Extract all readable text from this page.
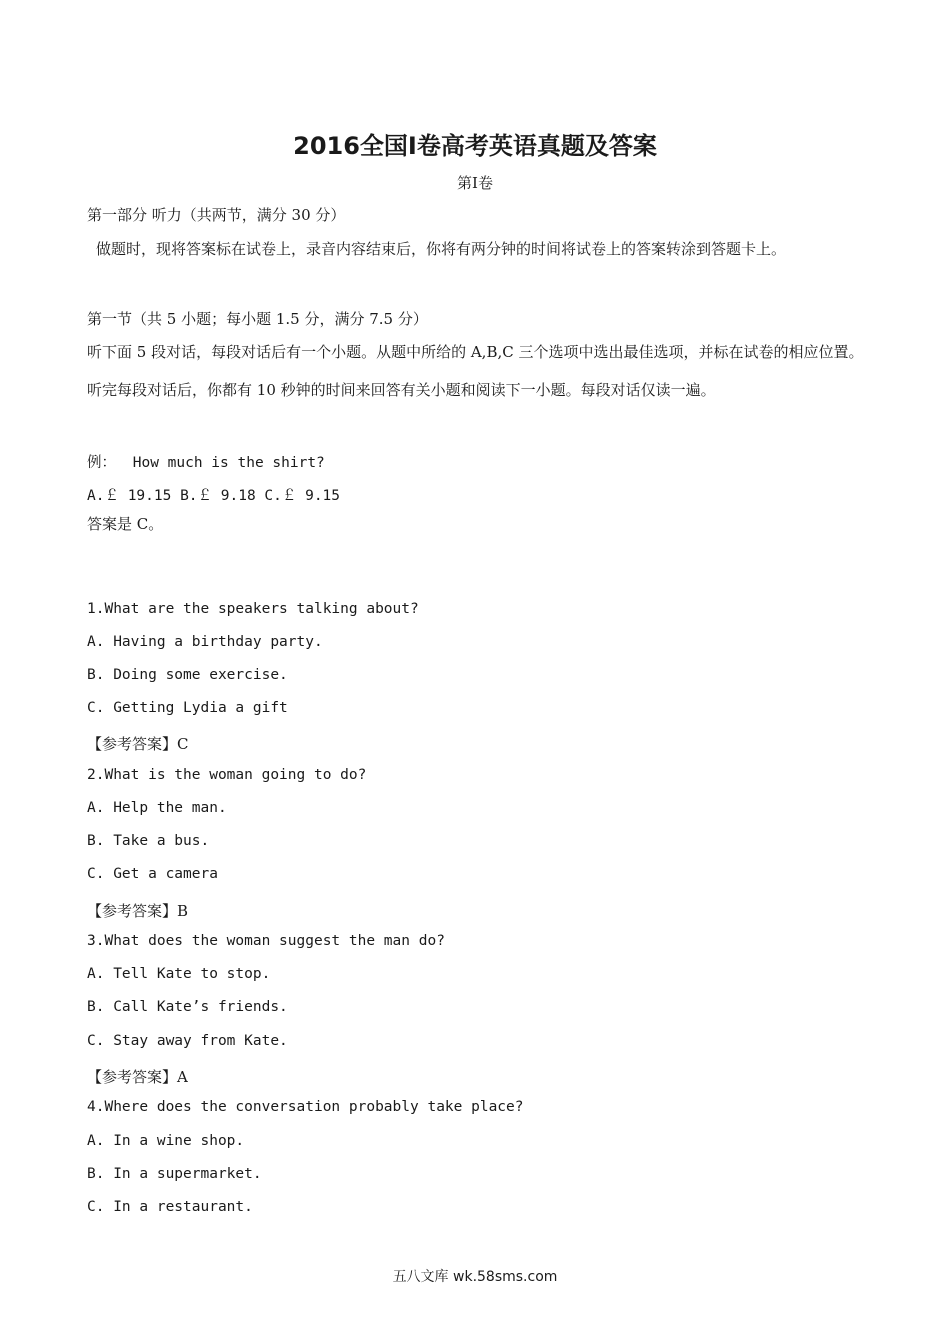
2016全国Ⅰ卷高考英语真题及答案
第Ⅰ卷
第一部分 听力（共两节，满分 30 分）
做题时，现将答案标在试卷上，录音内容结束后，你将有两分钟的时间将试卷上的答案转涂到答题卡上。
第一节（共 5 小题；每小题 1.5 分，满分 7.5 分）
听下面 5 段对话，每段对话后有一个小题。从题中所给的 A,B,C 三个选项中选出最佳选项，并标在试卷的相应位置。听完每段对话后，你都有 10 秒钟的时间来回答有关小题和阅读下一小题。每段对话仅读一遍。
例： How much is the shirt?
A.￡ 19.15 B.￡ 9.18 C.￡ 9.15
答案是 C。
1.What are the speakers talking about?
A. Having a birthday party.
B. Doing some exercise.
C. Getting Lydia a gift
【参考答案】C
2.What is the woman going to do?
A. Help the man.
B. Take a bus.
C. Get a camera
【参考答案】B
3.What does the woman suggest the man do?
A. Tell Kate to stop.
B. Call Kate’s friends.
C. Stay away from Kate.
【参考答案】A
4.Where does the conversation probably take place?
A. In a wine shop.
B. In a supermarket.
C. In a restaurant.
五八文库 wk.58sms.com
